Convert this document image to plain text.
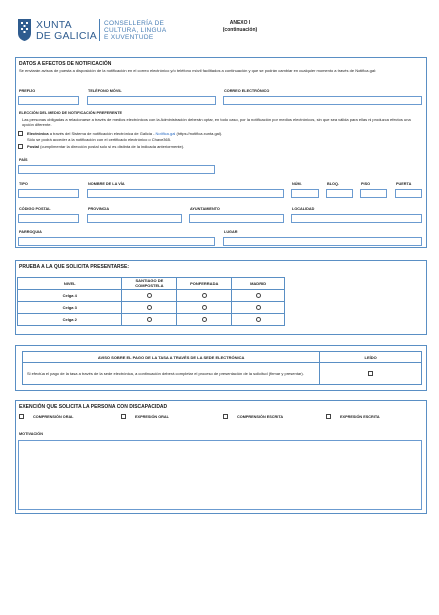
XUNTA
DE GALICIA
CONSELLERÍA DE
CULTURA, LINGUA
E XUVENTUDE
ANEXO I
(continuación)
DATOS A EFECTOS DE NOTIFICACIÓN
Se enviarán avisos de puesta a disposición de la notificación en el correo electrónico y/o teléfono móvil facilitados a continuación y que se podrán cambiar en cualquier momento a través de Notifica.gal:
PREFIJO	TELÉFONO MÓVIL	CORREO ELECTRÓNICO
ELECCIÓN DEL MEDIO DE NOTIFICACIÓN PREFERENTE
Las personas obligadas a relacionarse a través de medios electrónicos con la Administración deberán optar, en todo caso, por la notificación por medios electrónicos, sin que sea válida para ellas ni produzca efectos una opción diferente.
Electrónica a través del Sistema de notificación electrónica de Galicia - Notifica.gal (https://notifica.xunta.gal).
Sólo se podrá acceder a la notificación con el certificado electrónico o Chave365.
Postal (cumplimentar la dirección postal solo si es distinta de la indicada anteriormente).
PAÍS
TIPO	NOMBRE DE LA VÍA	NÚM.	BLOQ.	PISO	PUERTA
CÓDIGO POSTAL	PROVINCIA	AYUNTAMIENTO	LOCALIDAD
PARROQUIA	LUGAR
PRUEBA A LA QUE SOLICITA PRESENTARSE:
NIVEL	SANTIAGO DE COMPOSTELA	PONFERRADA	MADRID
Celga 4			
Celga 3			
Celga 2			
AVISO SOBRE EL PAGO DE LA TASA A TRAVÉS DE LA SEDE ELECTRÓNICA	LEÍDO
Si efectúa el pago de la tasa a través de la sede electrónica, a continuación deberá completar el proceso de presentación de la solicitud (firmar y presentar).	
EXENCIÓN QUE SOLICITA LA PERSONA CON DISCAPACIDAD
COMPRENSIÓN ORAL	EXPRESIÓN ORAL	COMPRENSIÓN ESCRITA	EXPRESIÓN ESCRITA
MOTIVACIÓN
